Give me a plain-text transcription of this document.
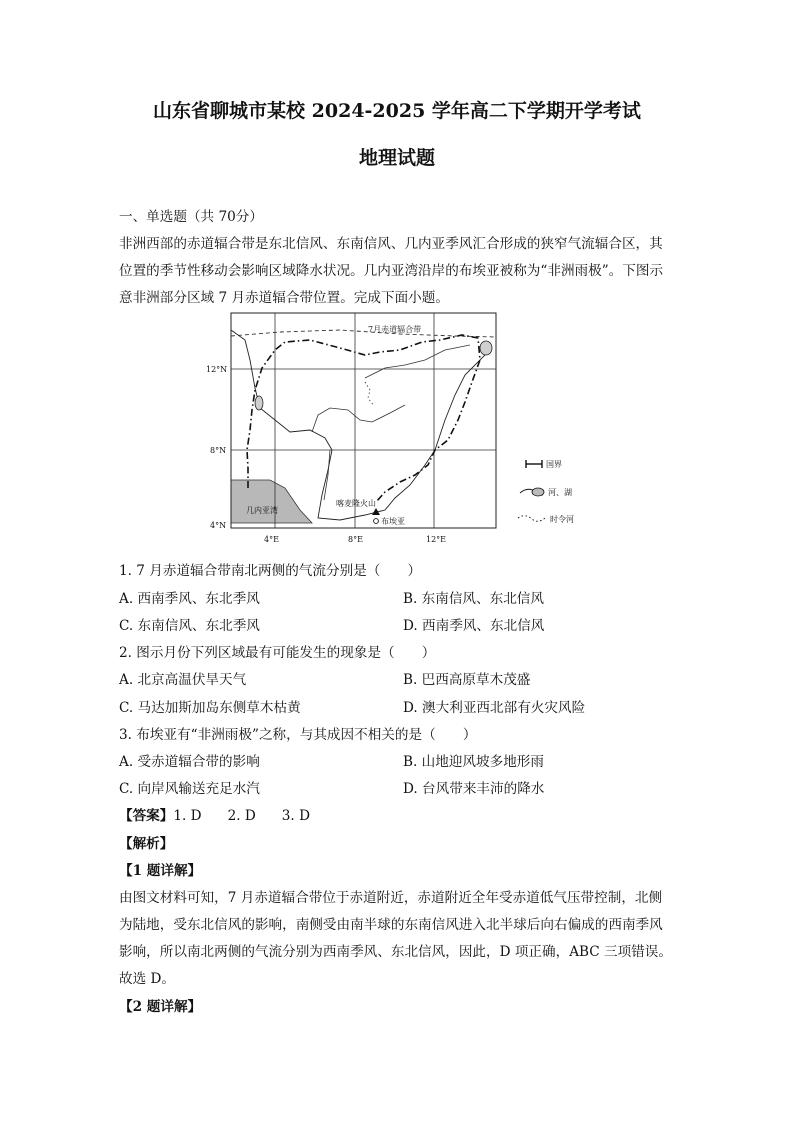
山东省聊城市某校 2024-2025 学年高二下学期开学考试
地理试题
一、单选题（共 70分）
非洲西部的赤道辐合带是东北信风、东南信风、几内亚季风汇合形成的狭窄气流辐合区，其
位置的季节性移动会影响区域降水状况。几内亚湾沿岸的布埃亚被称为“非洲雨极”。下图示
意非洲部分区域 7 月赤道辐合带位置。完成下面小题。
12°N
8°N
4°N
4°E	8°E	12°E
7月赤道辐合带
几内亚湾
喀麦隆火山
布埃亚
国界
河、湖
时令河
1. 7 月赤道辐合带南北两侧的气流分别是（　　）
A. 西南季风、东北季风	B. 东南信风、东北信风
C. 东南信风、东北季风	D. 西南季风、东北信风
2. 图示月份下列区域最有可能发生的现象是（　　）
A. 北京高温伏旱天气	B. 巴西高原草木茂盛
C. 马达加斯加岛东侧草木枯黄	D. 澳大利亚西北部有火灾风险
3. 布埃亚有“非洲雨极”之称，与其成因不相关的是（　　）
A. 受赤道辐合带的影响	B. 山地迎风坡多地形雨
C. 向岸风输送充足水汽	D. 台风带来丰沛的降水
【答案】1. D 2. D 3. D
【解析】
【1 题详解】
由图文材料可知，7 月赤道辐合带位于赤道附近，赤道附近全年受赤道低气压带控制，北侧
为陆地，受东北信风的影响，南侧受由南半球的东南信风进入北半球后向右偏成的西南季风
影响，所以南北两侧的气流分别为西南季风、东北信风，因此，D 项正确，ABC 三项错误。
故选 D。
【2 题详解】
